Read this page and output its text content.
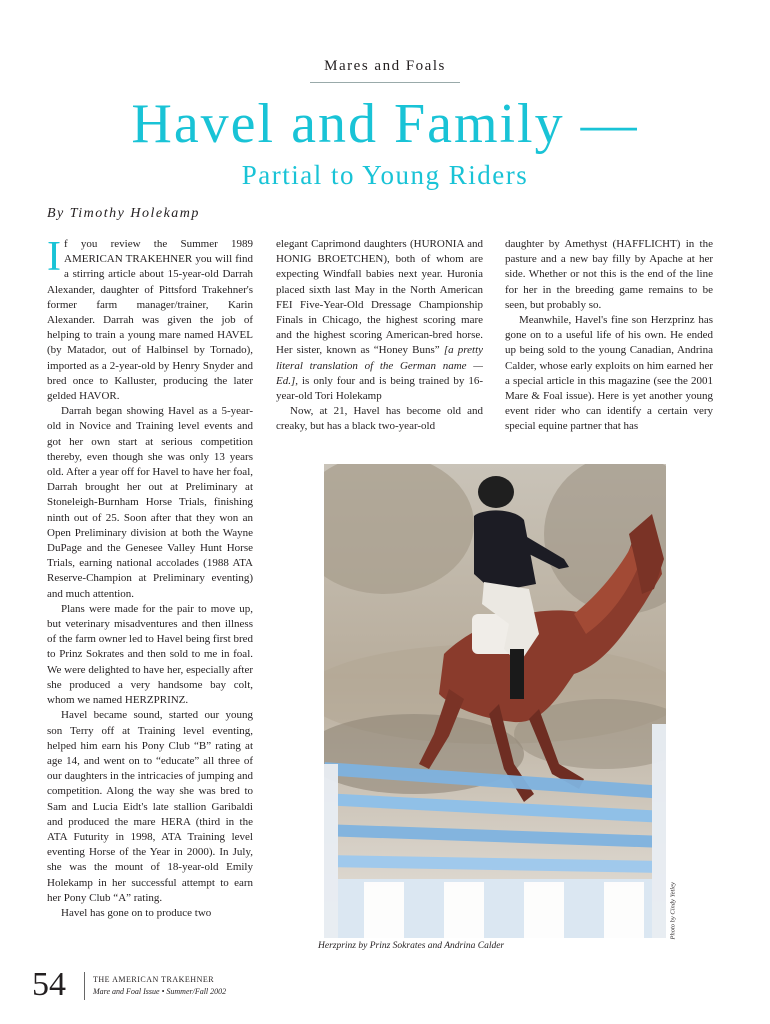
Mares and Foals
Havel and Family —
Partial to Young Riders
By Timothy Holekamp

If you review the Summer 1989 AMERICAN TRAKEHNER you will find a stirring article about 15-year-old Darrah Alexander, daughter of Pittsford Trakehner's former farm manager/trainer, Karin Alexander. Darrah was given the job of helping to train a young mare named HAVEL (by Matador, out of Halbinsel by Tornado), imported as a 2-year-old by Henry Snyder and bred once to Kalluster, producing the later gelded HAVOR.

Darrah began showing Havel as a 5-year-old in Novice and Training level events and got her own start at serious competition thereby, even though she was only 13 years old. After a year off for Havel to have her foal, Darrah brought her out at Preliminary at Stoneleigh-Burnham Horse Trials, finishing ninth out of 25. Soon after that they won an Open Preliminary division at both the Wayne DuPage and the Genesee Valley Hunt Horse Trials, earning national accolades (1988 ATA Reserve-Champion at Preliminary eventing) and much attention.

Plans were made for the pair to move up, but veterinary misadventures and then illness of the farm owner led to Havel being first bred to Prinz Sokrates and then sold to me in foal. We were delighted to have her, especially after she produced a very handsome bay colt, whom we named HERZPRINZ.

Havel became sound, started our young son Terry off at Training level eventing, helped him earn his Pony Club “B” rating at age 14, and went on to “educate” all three of our daughters in the intricacies of jumping and competition. Along the way she was bred to Sam and Lucia Eidt's late stallion Garibaldi and produced the mare HERA (third in the ATA Futurity in 1998, ATA Training level eventing Horse of the Year in 2000). In July, she was the mount of 18-year-old Emily Holekamp in her successful attempt to earn her Pony Club “A” rating.

Havel has gone on to produce two

elegant Caprimond daughters (HURONIA and HONIG BROETCHEN), both of whom are expecting Windfall babies next year. Huronia placed sixth last May in the North American FEI Five-Year-Old Dressage Championship Finals in Chicago, the highest scoring mare and the highest scoring American-bred horse. Her sister, known as “Honey Buns” [a pretty literal translation of the German name — Ed.], is only four and is being trained by 16-year-old Tori Holekamp

Now, at 21, Havel has become old and creaky, but has a black two-year-old

daughter by Amethyst (HAFFLICHT) in the pasture and a new bay filly by Apache at her side. Whether or not this is the end of the line for her in the breeding game remains to be seen, but probably so.

Meanwhile, Havel's fine son Herzprinz has gone on to a useful life of his own. He ended up being sold to the young Canadian, Andrina Calder, whose early exploits on him earned her a special article in this magazine (see the 2001 Mare & Foal issue). Here is yet another young event rider who can identify a certain very special equine partner that has

Photo by Cindy Yetley
Herzprinz by Prinz Sokrates and Andrina Calder
54	THE AMERICAN TRAKEHNER
Mare and Foal Issue • Summer/Fall 2002
